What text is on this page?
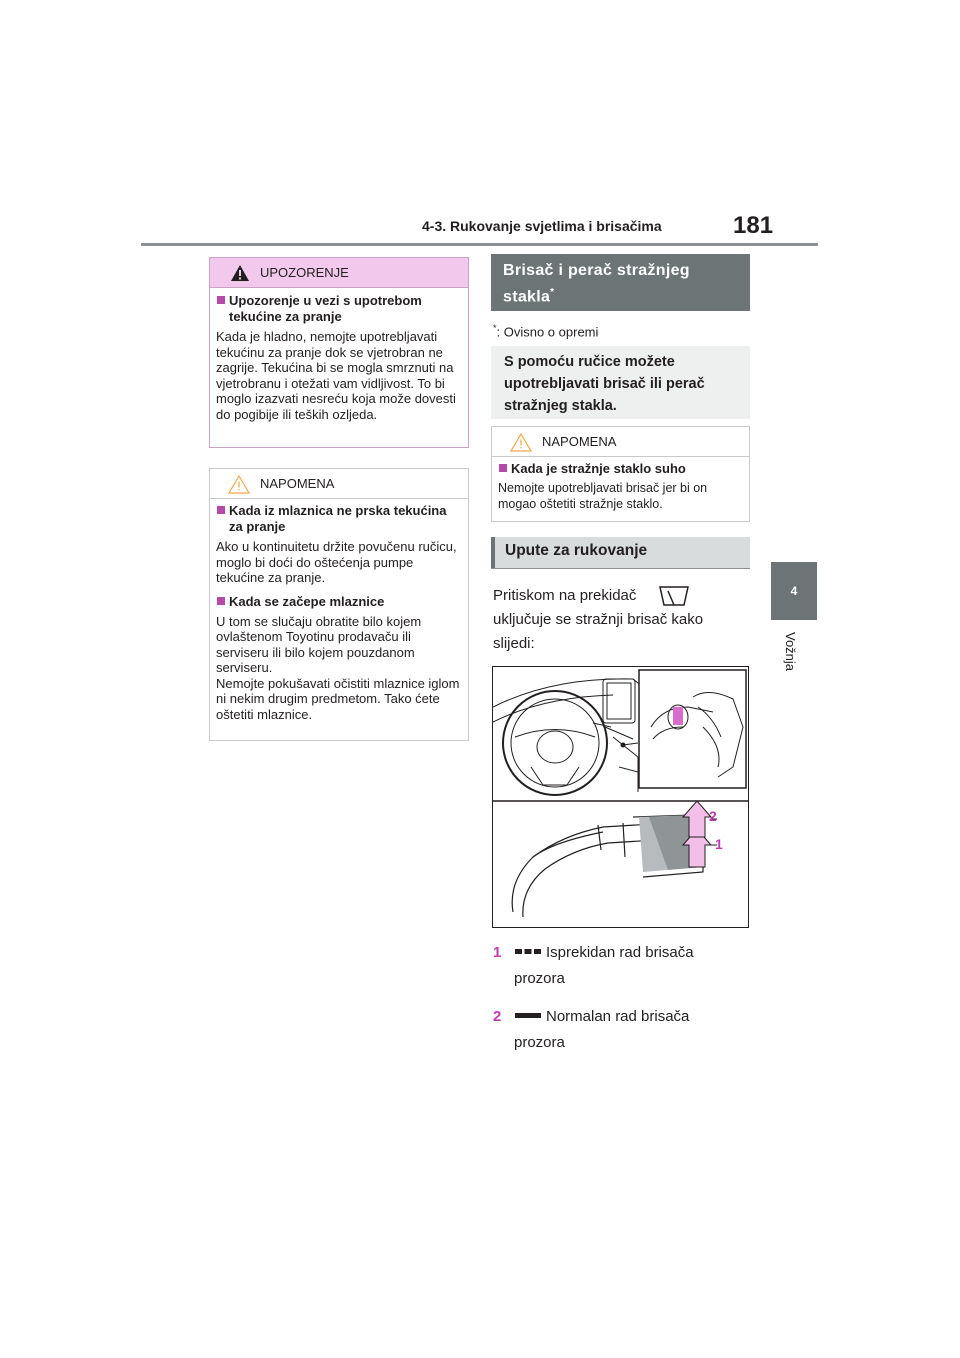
4-3. Rukovanje svjetlima i brisačima	181
4
Vožnja
UPOZORENJE
Upozorenje u vezi s upotrebom tekućine za pranje
Kada je hladno, nemojte upotrebljavati tekućinu za pranje dok se vjetrobran ne zagrije. Tekućina bi se mogla smrznuti na vjetrobranu i otežati vam vidljivost. To bi moglo izazvati nesreću koja može dovesti do pogibije ili teških ozljeda.
NAPOMENA
Kada iz mlaznica ne prska tekućina za pranje
Ako u kontinuitetu držite povučenu ručicu, moglo bi doći do oštećenja pumpe tekućine za pranje.
Kada se začepe mlaznice
U tom se slučaju obratite bilo kojem ovlaštenom Toyotinu prodavaču ili serviseru ili bilo kojem pouzdanom serviseru.
Nemojte pokušavati očistiti mlaznice iglom ni nekim drugim predmetom. Tako ćete oštetiti mlaznice.
Brisač i perač stražnjeg
stakla*
*: Ovisno o opremi
S pomoću ručice možete
upotrebljavati brisač ili perač
stražnjeg stakla.
NAPOMENA
Kada je stražnje staklo suho
Nemojte upotrebljavati brisač jer bi on mogao oštetiti stražnje staklo.
Upute za rukovanje
Pritiskom na prekidač
uključuje se stražnji brisač kako
slijedi:
2
1
1	Isprekidan rad brisača
prozora
2	Normalan rad brisača
prozora
